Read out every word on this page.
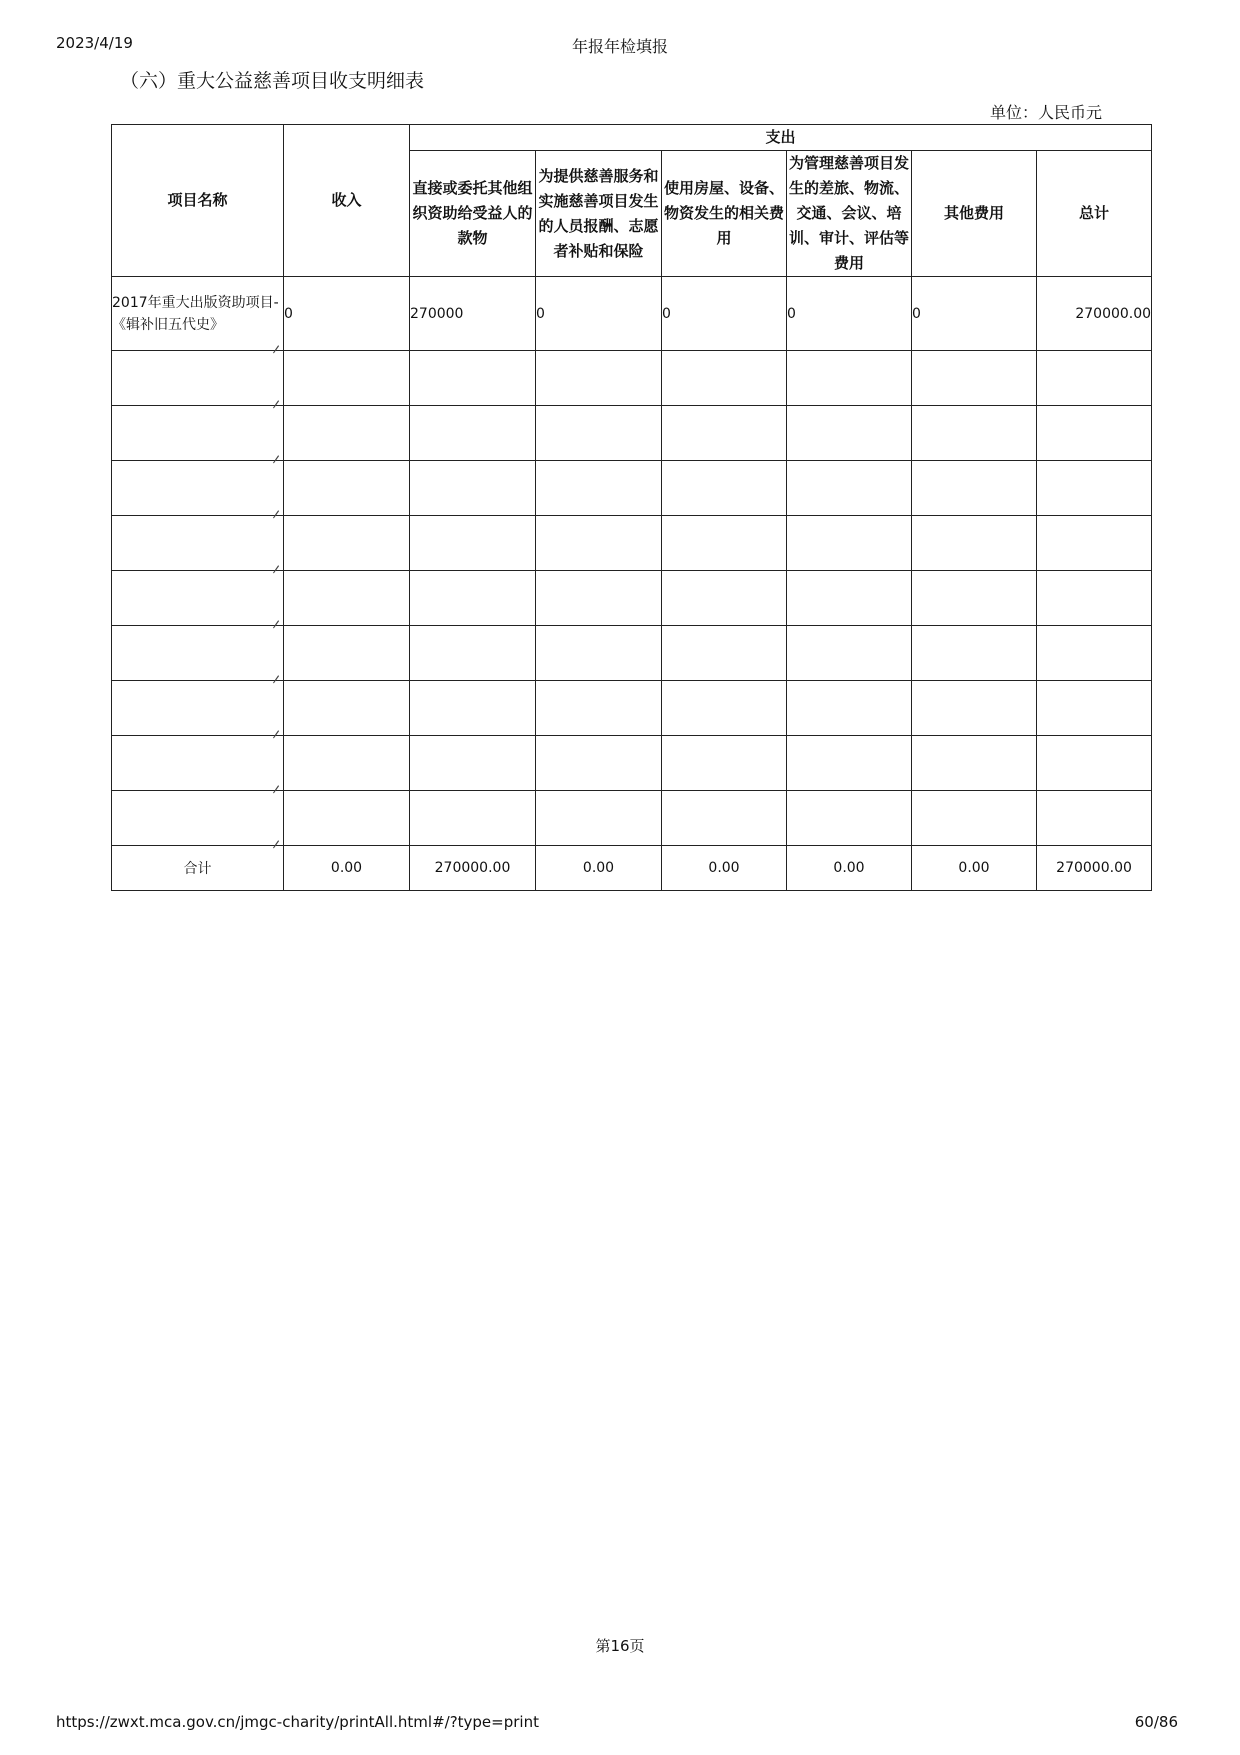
2023/4/19	年报年检填报
（六）重大公益慈善项目收支明细表
单位：人民币元
项目名称	收入	支出					
		直接或委托其他组织资助给受益人的款物	为提供慈善服务和实施慈善项目发生的人员报酬、志愿者补贴和保险	使用房屋、设备、物资发生的相关费用	为管理慈善项目发生的差旅、物流、交通、会议、培训、审计、评估等费用	其他费用	总计
2017年重大出版资助项目-《辑补旧五代史》	0	270000	0	0	0	0	270000.00

合计	0.00	270000.00	0.00	0.00	0.00	0.00	270000.00
第16页
https://zwxt.mca.gov.cn/jmgc-charity/printAll.html#/?type=print	60/86
